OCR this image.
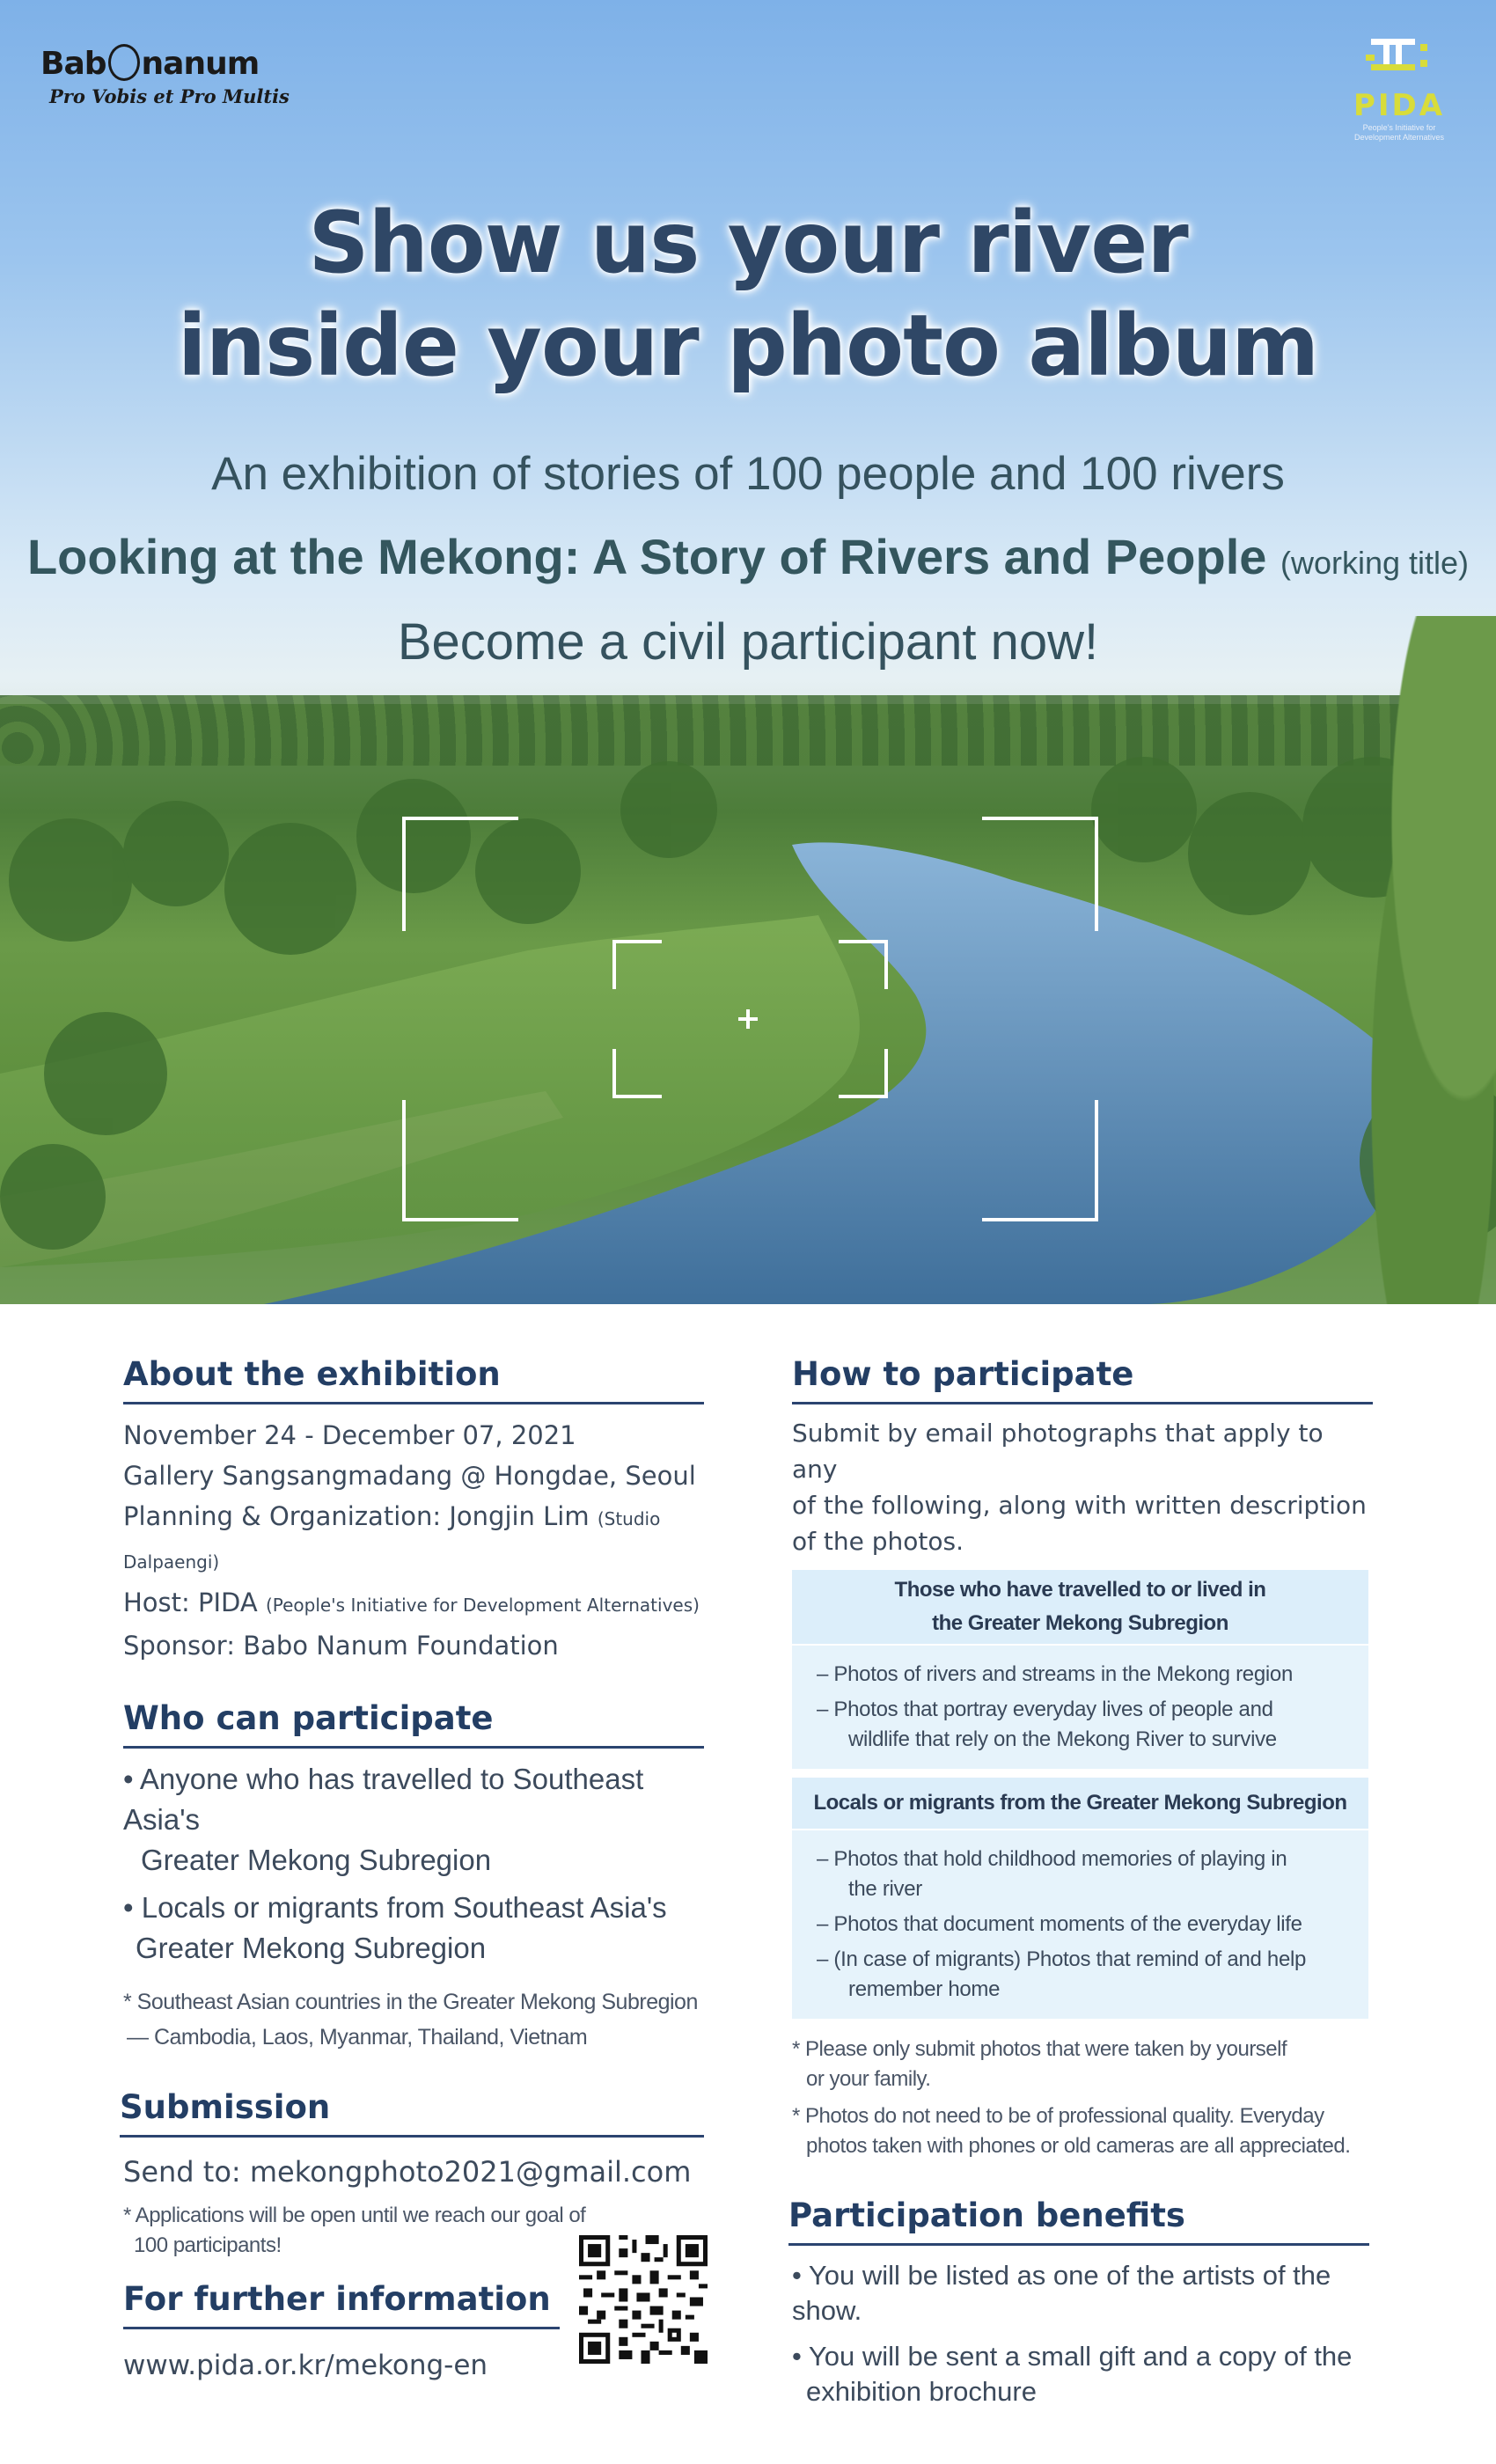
Bab nanum
Pro Vobis et Pro Multis	PIDA
People's Initiative for
Development Alternatives
Show us your river
inside your photo album
An exhibition of stories of 100 people and 100 rivers
Looking at the Mekong: A Story of Rivers and People (working title)
Become a civil participant now!
About the exhibition
November 24 - December 07, 2021
Gallery Sangsangmadang @ Hongdae, Seoul
Planning & Organization: Jongjin Lim (Studio Dalpaengi)
Host: PIDA (People's Initiative for Development Alternatives)
Sponsor: Babo Nanum Foundation
Who can participate
• Anyone who has travelled to Southeast Asia's
Greater Mekong Subregion
• Locals or migrants from Southeast Asia's
Greater Mekong Subregion
* Southeast Asian countries in the Greater Mekong Subregion
— Cambodia, Laos, Myanmar, Thailand, Vietnam
Submission
Send to: mekongphoto2021@gmail.com
* Applications will be open until we reach our goal of
100 participants!
For further information
www.pida.or.kr/mekong-en
How to participate
Submit by email photographs that apply to any
of the following, along with written description
of the photos.
Those who have travelled to or lived in
the Greater Mekong Subregion
– Photos of rivers and streams in the Mekong region
– Photos that portray everyday lives of people and
wildlife that rely on the Mekong River to survive
Locals or migrants from the Greater Mekong Subregion
– Photos that hold childhood memories of playing in
the river
– Photos that document moments of the everyday life
– (In case of migrants) Photos that remind of and help
remember home
* Please only submit photos that were taken by yourself
or your family.
* Photos do not need to be of professional quality. Everyday
photos taken with phones or old cameras are all appreciated.
Participation benefits
• You will be listed as one of the artists of the show.
• You will be sent a small gift and a copy of the
exhibition brochure
